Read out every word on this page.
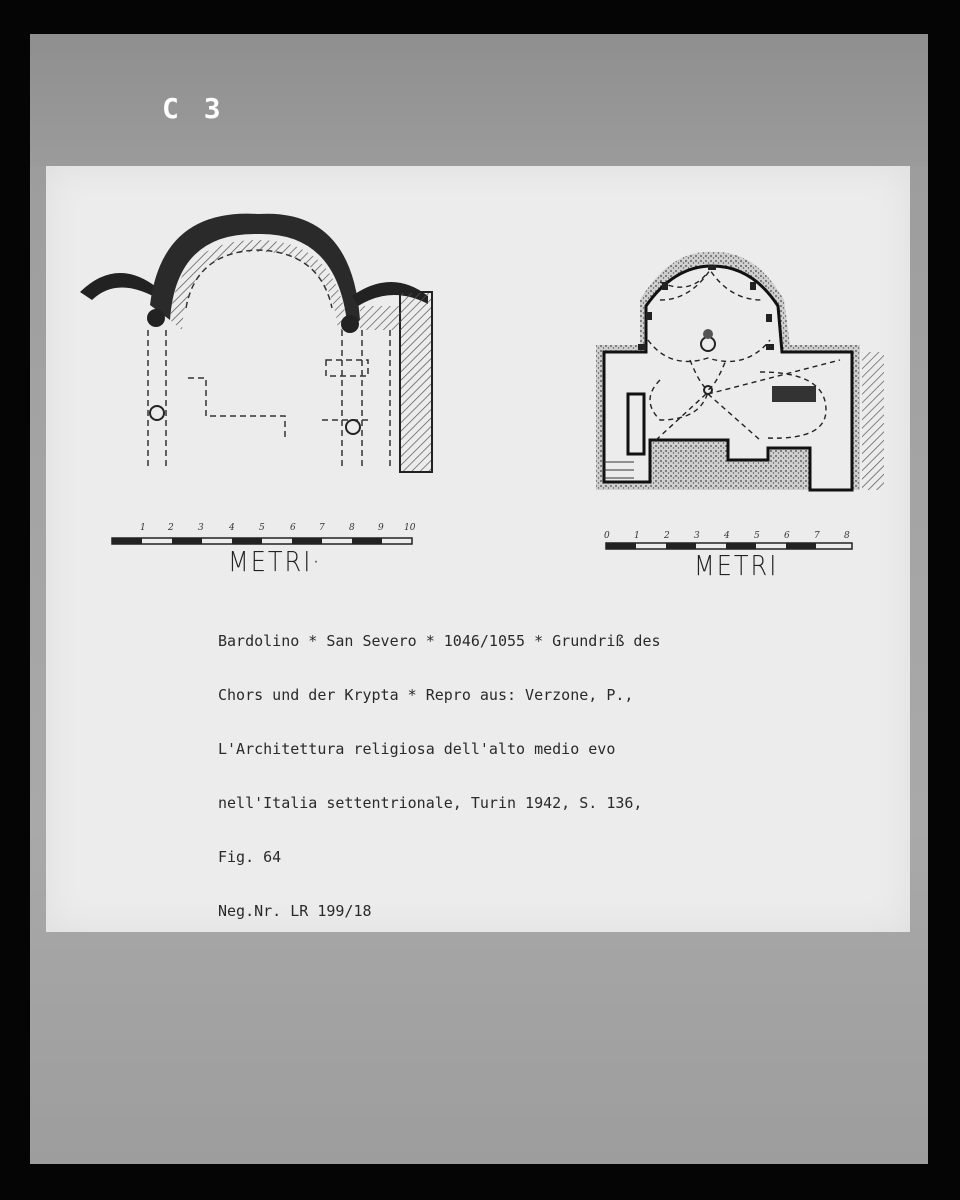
C 3
1 2	3	4	5	6	7	8	9 10
0	1	2	3	4	5	6	7	8
METRI·	METRI

Bardolino * San Severo * 1046/1055 * Grundriß des

Chors und der Krypta * Repro aus: Verzone, P.,

L'Architettura religiosa dell'alto medio evo

nell'Italia settentrionale, Turin 1942, S. 136,

Fig. 64

Neg.Nr. LR 199/18
